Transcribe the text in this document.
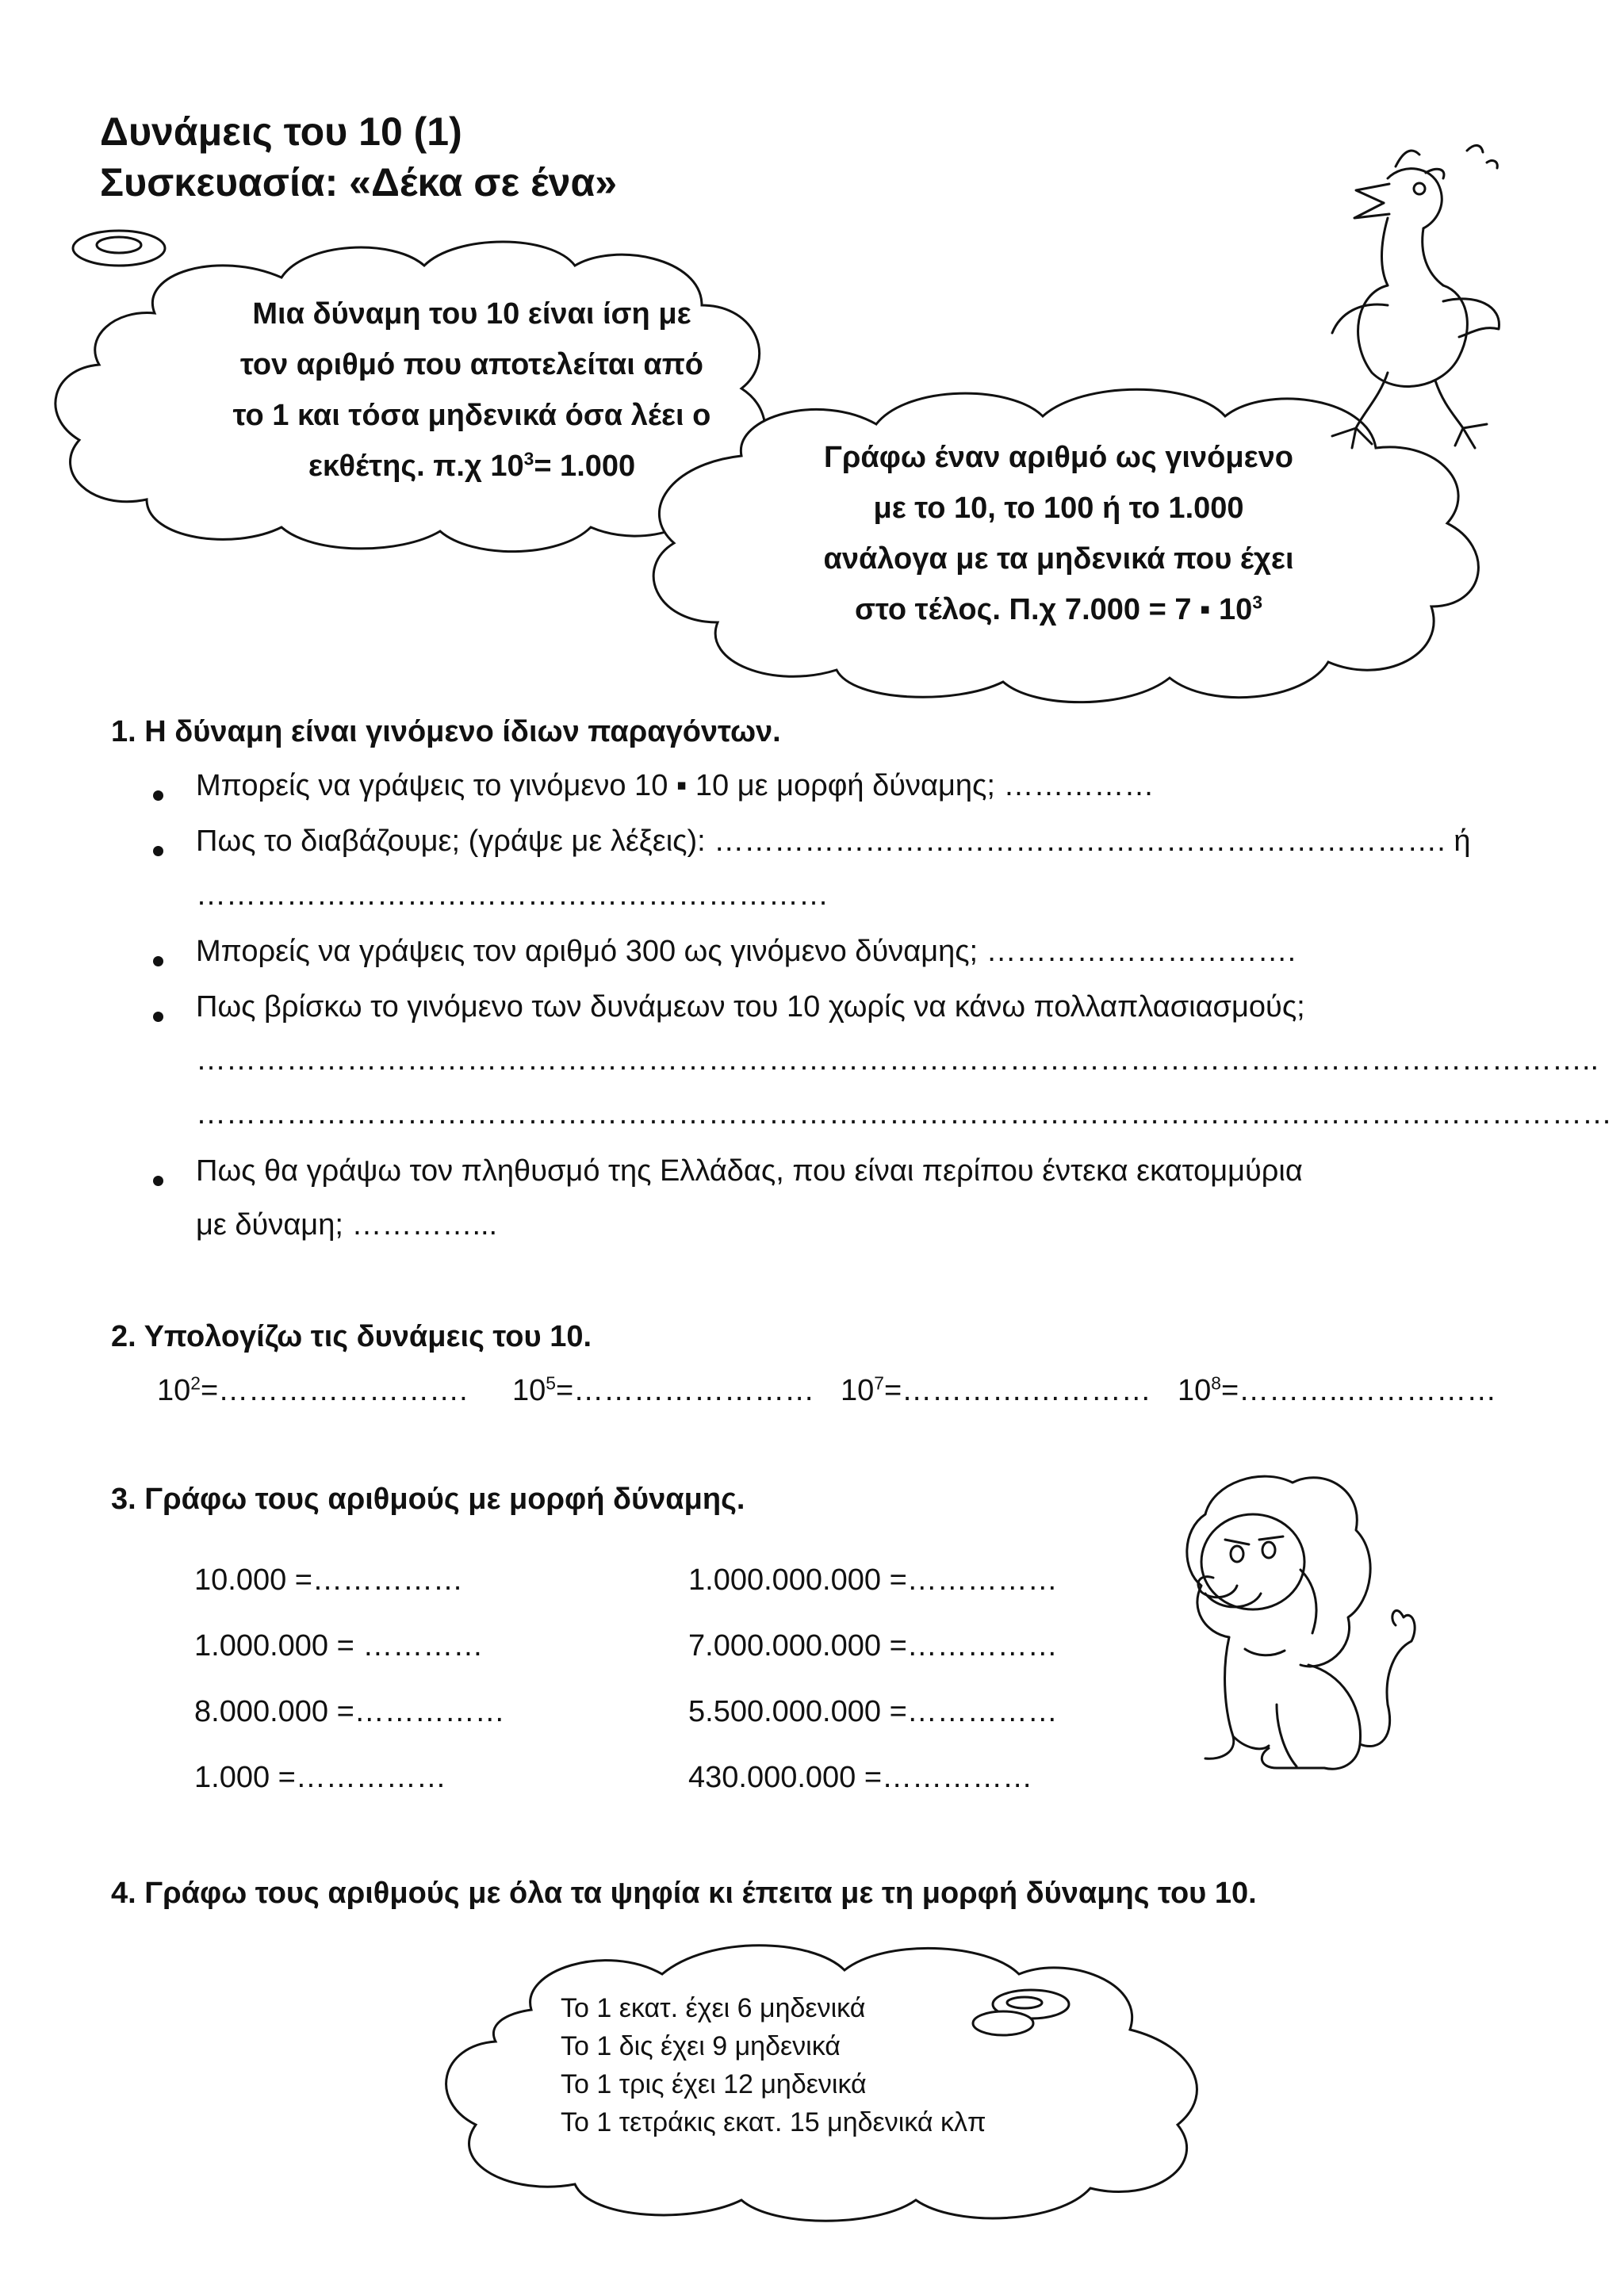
Δυνάμεις του 10 (1)
Συσκευασία: «Δέκα σε ένα»
Μια δύναμη του 10 είναι ίση με
τον αριθμό που αποτελείται από
το 1 και τόσα μηδενικά όσα λέει ο
εκθέτης. π.χ $10^3= 1.000$	Γράφω έναν αριθμό ως γινόμενο
με το 10, το 100 ή το 1.000
ανάλογα με τα μηδενικά που έχει
στο τέλος. Π.χ 7.000 = 7 ▪ $10^3$
1. Η δύναμη είναι γινόμενο ίδιων παραγόντων.
Μπορείς να γράψεις το γινόμενο 10 ▪ 10 με μορφή δύναμης; ……………
Πως το διαβάζουμε; (γράψε με λέξεις): ………………………………………………………………. ή
………………………………………………………
Μπορείς να γράψεις τον αριθμό 300 ως γινόμενο δύναμης; ………………………….
Πως βρίσκω το γινόμενο των δυνάμεων του 10 χωρίς να κάνω πολλαπλασιασμούς;
…………………………………………………………………………………………………………………………..
……………………………………………………………………………………………………………………………
Πως θα γράψω τον πληθυσμό της Ελλάδας, που είναι περίπου έντεκα εκατομμύρια
με δύναμη; …………...
2. Υπολογίζω τις δυνάμεις του 10.
$10^2=\dots\dots\dots\dots\dots\dots\dots\dots$. $10^5=\dots\dots\dots\dots\dots\dots\dots\dots$ $10^7=\dots\dots\dots\dots.\dots\dots\dots\dots$ $10^8=\dots\dots\dots..\dots\dots\dots\dots\dots$
3. Γράφω τους αριθμούς με μορφή δύναμης.
10.000 =……………
1.000.000 = …………
8.000.000 =……………
1.000 =……………
1.000.000.000 =……………
7.000.000.000 =……………
5.500.000.000 =……………
430.000.000 =……………
4. Γράφω τους αριθμούς με όλα τα ψηφία κι έπειτα με τη μορφή δύναμης του 10.
Το 1 εκατ. έχει 6 μηδενικά
Το 1 δις έχει 9 μηδενικά
Το 1 τρις έχει 12 μηδενικά
Το 1 τετράκις εκατ. 15 μηδενικά κλπ
